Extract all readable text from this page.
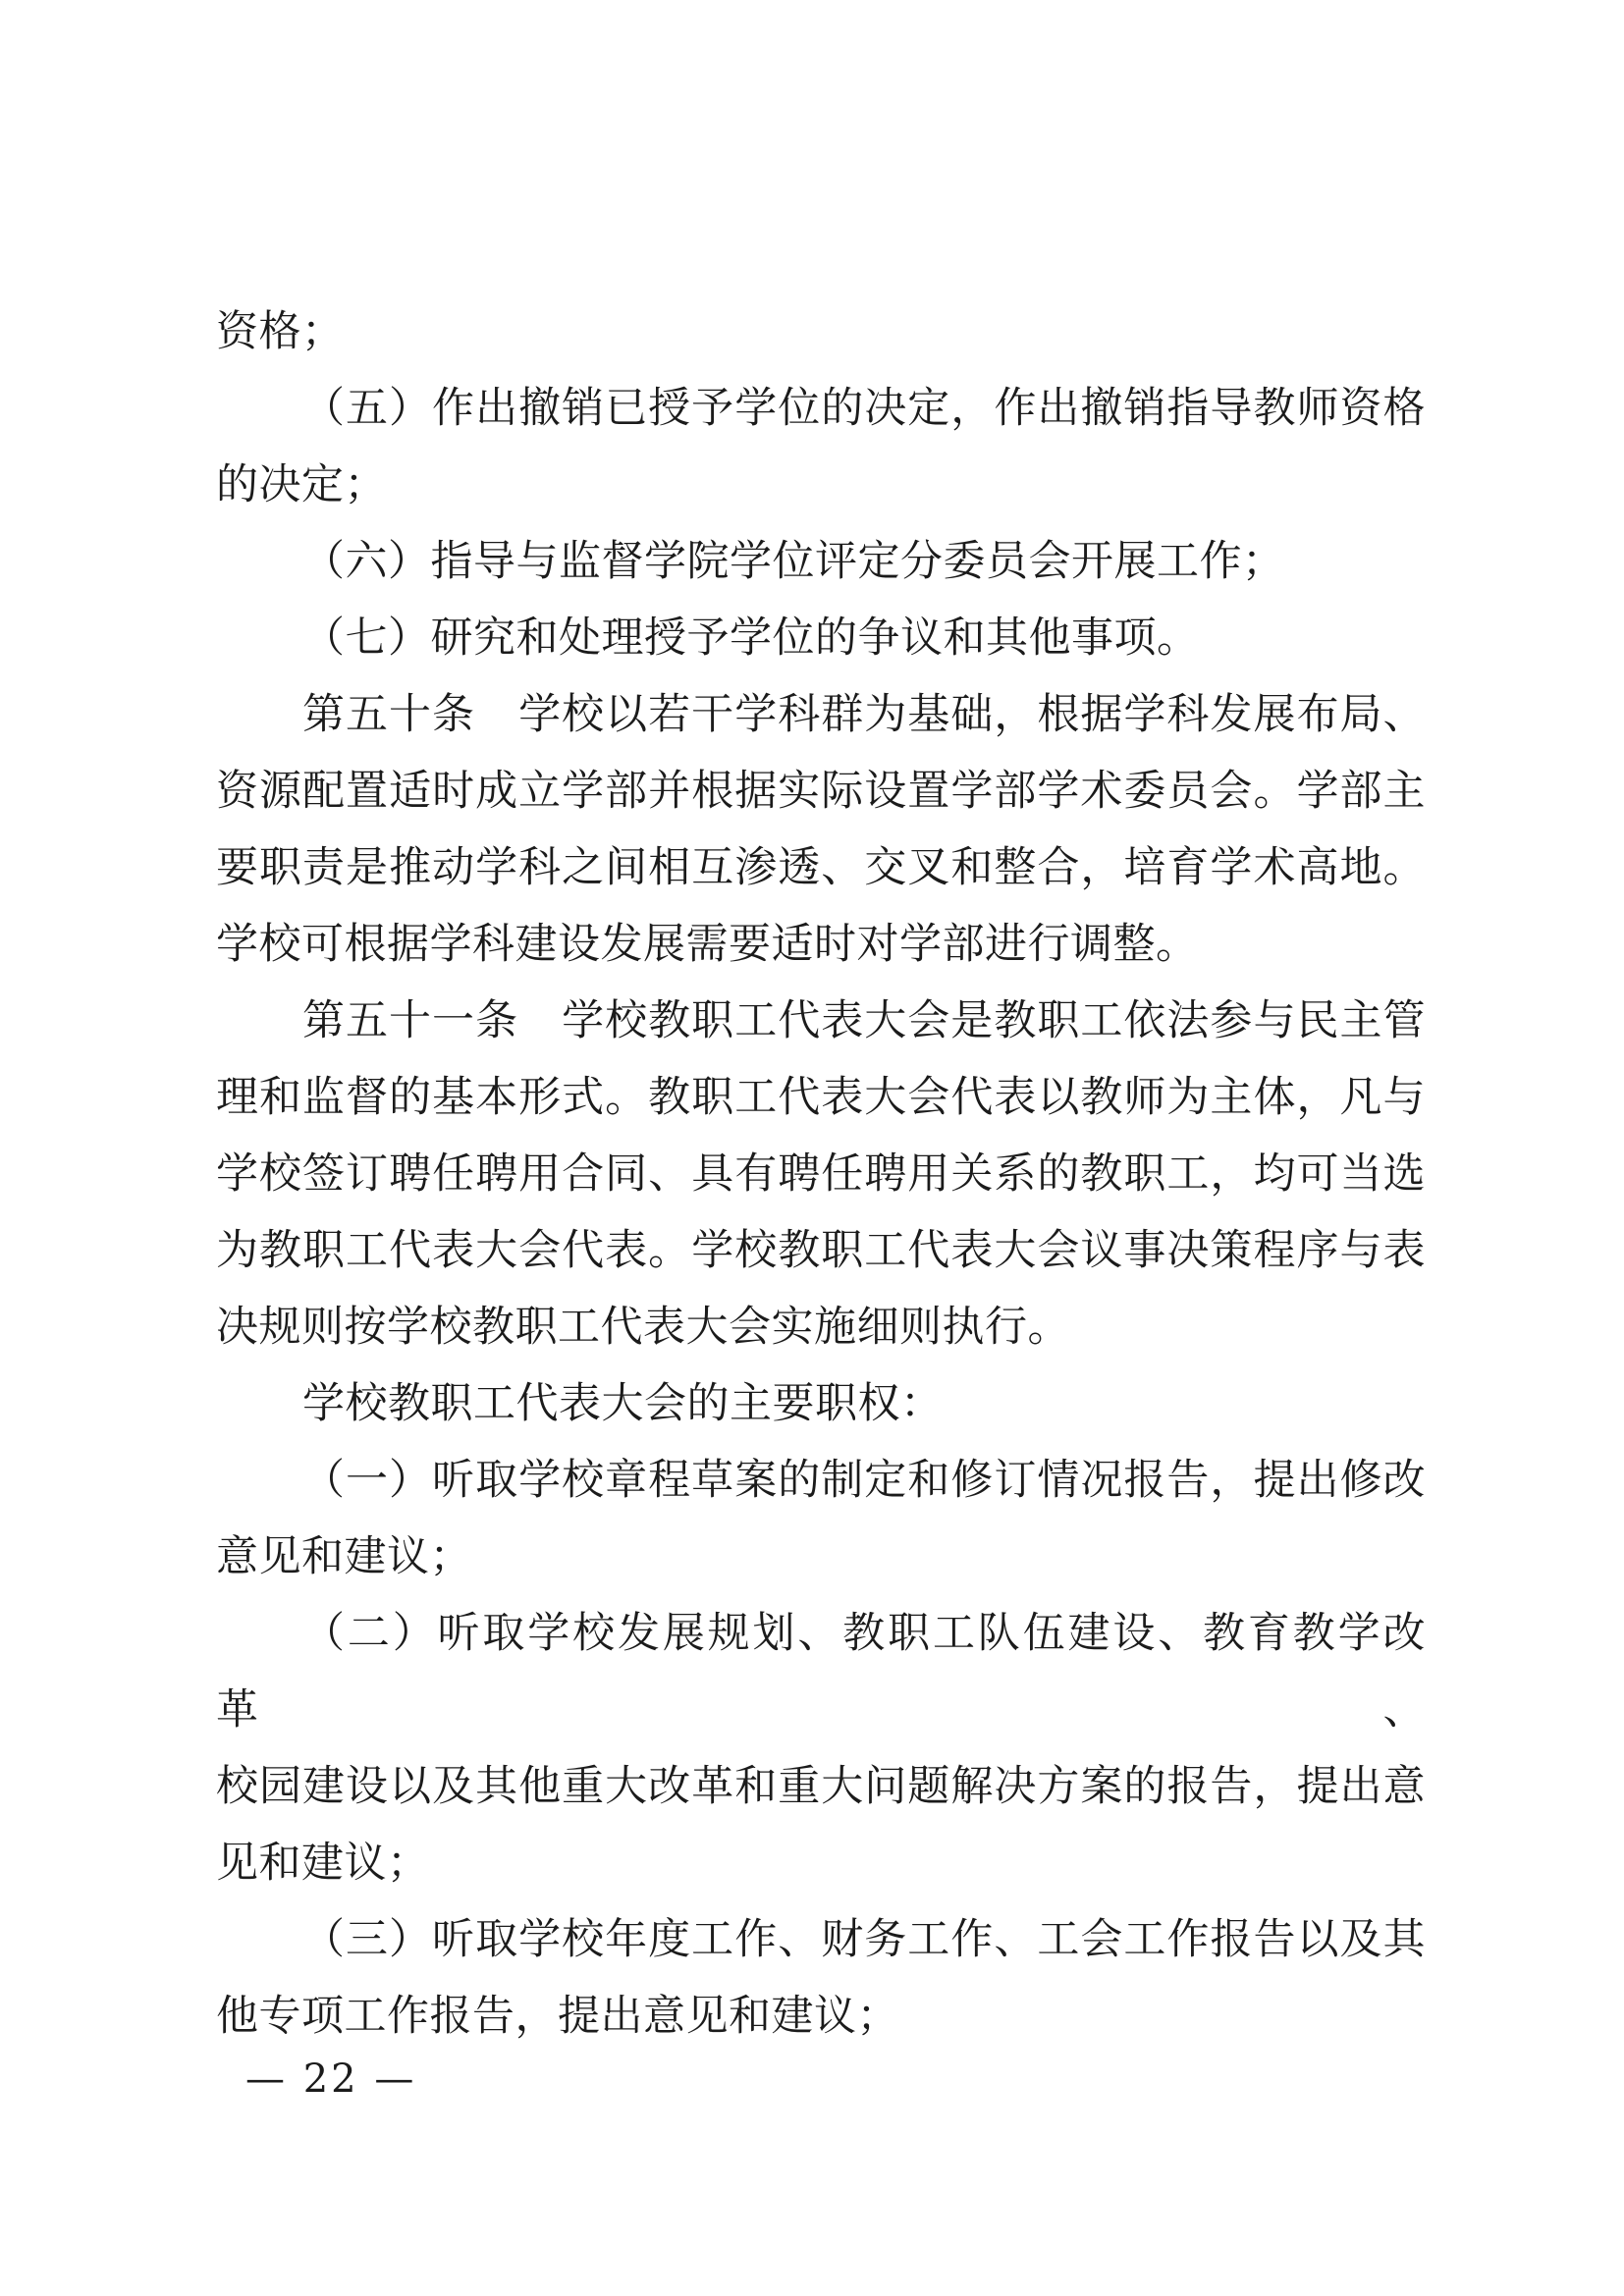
资格；

（五）作出撤销已授予学位的决定，作出撤销指导教师资格

的决定；

（六）指导与监督学院学位评定分委员会开展工作；

（七）研究和处理授予学位的争议和其他事项。

第五十条　学校以若干学科群为基础，根据学科发展布局、

资源配置适时成立学部并根据实际设置学部学术委员会。学部主

要职责是推动学科之间相互渗透、交叉和整合，培育学术高地。

学校可根据学科建设发展需要适时对学部进行调整。

第五十一条　学校教职工代表大会是教职工依法参与民主管

理和监督的基本形式。教职工代表大会代表以教师为主体，凡与

学校签订聘任聘用合同、具有聘任聘用关系的教职工，均可当选

为教职工代表大会代表。学校教职工代表大会议事决策程序与表

决规则按学校教职工代表大会实施细则执行。

学校教职工代表大会的主要职权：

（一）听取学校章程草案的制定和修订情况报告，提出修改

意见和建议；

（二）听取学校发展规划、教职工队伍建设、教育教学改革、

校园建设以及其他重大改革和重大问题解决方案的报告，提出意

见和建议；

（三）听取学校年度工作、财务工作、工会工作报告以及其

他专项工作报告，提出意见和建议；

— 22 —
